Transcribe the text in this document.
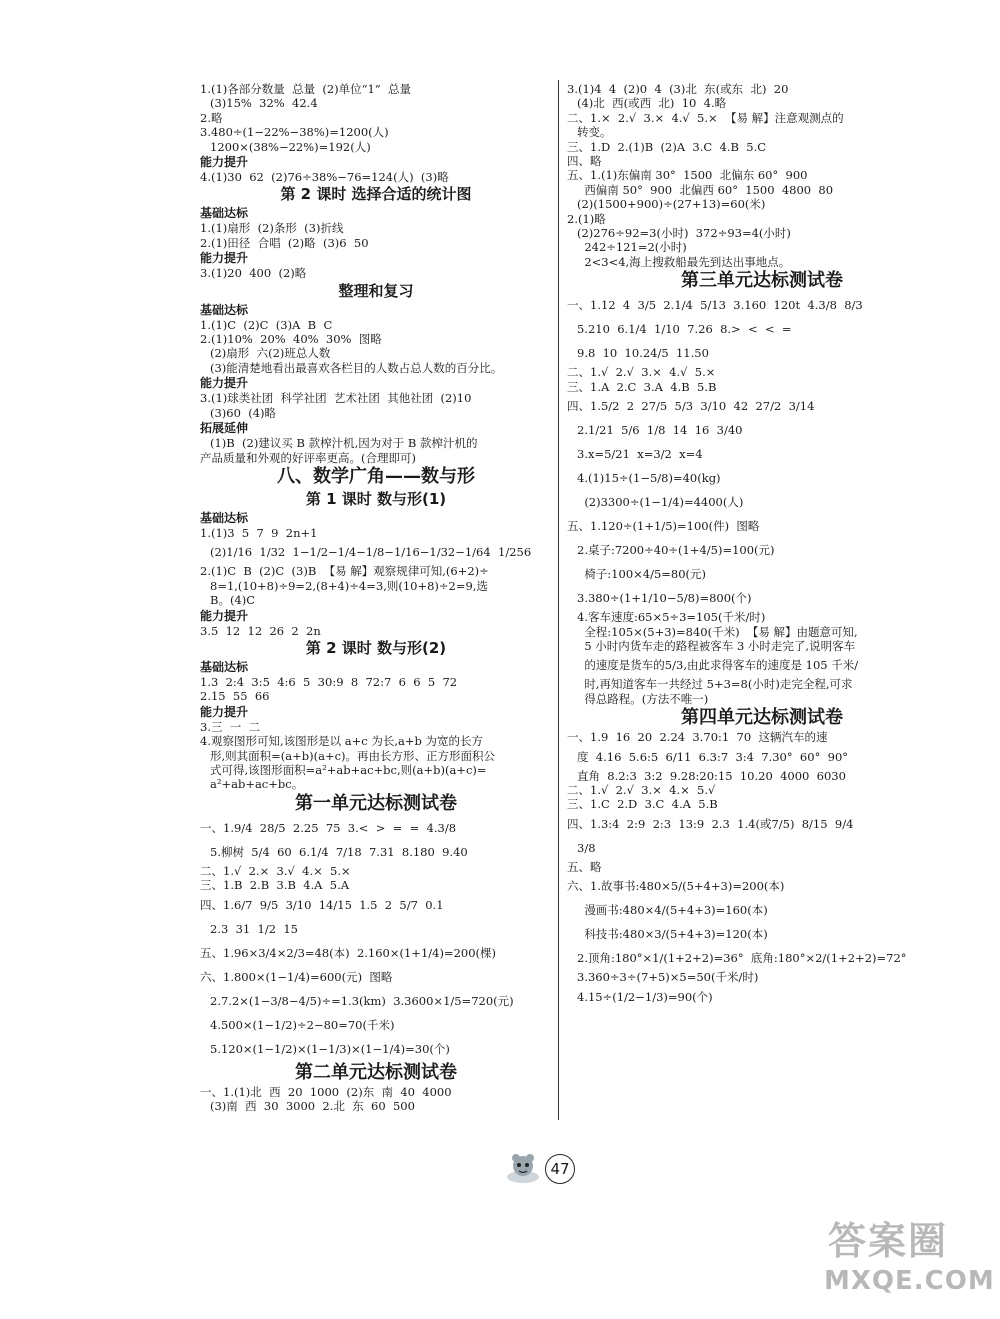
1.(1)各部分数量  总量  (2)单位“1”  总量
(3)15%  32%  42.4
2.略
3.480÷(1−22%−38%)=1200(人)
1200×(38%−22%)=192(人)
能力提升
4.(1)30  62  (2)76÷38%−76=124(人)  (3)略
第 2 课时 选择合适的统计图
基础达标
1.(1)扇形  (2)条形  (3)折线
2.(1)田径  合唱  (2)略  (3)6  50
能力提升
3.(1)20  400  (2)略
整理和复习
基础达标
1.(1)C  (2)C  (3)A  B  C
2.(1)10%  20%  40%  30%  图略
(2)扇形  六(2)班总人数
(3)能清楚地看出最喜欢各栏目的人数占总人数的百分比。
能力提升
3.(1)球类社团  科学社团  艺术社团  其他社团  (2)10
(3)60  (4)略
拓展延伸
(1)B  (2)建议买 B 款榨汁机,因为对于 B 款榨汁机的
产品质量和外观的好评率更高。(合理即可)
八、数学广角——数与形
第 1 课时 数与形(1)
基础达标
1.(1)3  5  7  9  2n+1
(2)1/16  1/32  1−1/2−1/4−1/8−1/16−1/32−1/64  1/256
2.(1)C  B  (2)C  (3)B  【易 解】观察规律可知,(6+2)÷
8=1,(10+8)÷9=2,(8+4)÷4=3,则(10+8)÷2=9,选
B。(4)C
能力提升
3.5  12  12  26  2  2n
第 2 课时 数与形(2)
基础达标
1.3  2:4  3:5  4:6  5  30:9  8  72:7  6  6  5  72
2.15  55  66
能力提升
3.三  一  二
4.观察图形可知,该图形是以 a+c 为长,a+b 为宽的长方
形,则其面积=(a+b)(a+c)。再由长方形、正方形面积公
式可得,该图形面积=a²+ab+ac+bc,则(a+b)(a+c)=
a²+ab+ac+bc。
第一单元达标测试卷
一、1.9/4  28/5  2.25  75  3.<  >  =  =  4.3/8
5.柳树  5/4  60  6.1/4  7/18  7.31  8.180  9.40
二、1.√  2.×  3.√  4.×  5.×
三、1.B  2.B  3.B  4.A  5.A
四、1.6/7  9/5  3/10  14/15  1.5  2  5/7  0.1
2.3  31  1/2  15
五、1.96×3/4×2/3=48(本)  2.160×(1+1/4)=200(棵)
六、1.800×(1−1/4)=600(元)  图略
2.7.2×(1−3/8−4/5)÷=1.3(km)  3.3600×1/5=720(元)
4.500×(1−1/2)÷2−80=70(千米)
5.120×(1−1/2)×(1−1/3)×(1−1/4)=30(个)
第二单元达标测试卷
一、1.(1)北  西  20  1000  (2)东  南  40  4000
(3)南  西  30  3000  2.北  东  60  500
3.(1)4  4  (2)0  4  (3)北  东(或东  北)  20
(4)北  西(或西  北)  10  4.略
二、1.×  2.√  3.×  4.√  5.×  【易 解】注意观测点的
转变。
三、1.D  2.(1)B  (2)A  3.C  4.B  5.C
四、略
五、1.(1)东偏南 30°  1500  北偏东 60°  900
西偏南 50°  900  北偏西 60°  1500  4800  80
(2)(1500+900)÷(27+13)=60(米)
2.(1)略
(2)276÷92=3(小时)  372÷93=4(小时)
242÷121=2(小时)
2<3<4,海上搜救船最先到达出事地点。
第三单元达标测试卷
一、1.12  4  3/5  2.1/4  5/13  3.160  120t  4.3/8  8/3
5.210  6.1/4  1/10  7.26  8.>  <  <  =
9.8  10  10.24/5  11.50
二、1.√  2.√  3.×  4.√  5.×
三、1.A  2.C  3.A  4.B  5.B
四、1.5/2  2  27/5  5/3  3/10  42  27/2  3/14
2.1/21  5/6  1/8  14  16  3/40
3.x=5/21  x=3/2  x=4
4.(1)15÷(1−5/8)=40(kg)
(2)3300÷(1−1/4)=4400(人)
五、1.120÷(1+1/5)=100(件)  图略
2.桌子:7200÷40÷(1+4/5)=100(元)
椅子:100×4/5=80(元)
3.380÷(1+1/10−5/8)=800(个)
4.客车速度:65×5÷3=105(千米/时)
全程:105×(5+3)=840(千米)  【易 解】由题意可知,
5 小时内货车走的路程被客车 3 小时走完了,说明客车
的速度是货车的5/3,由此求得客车的速度是 105 千米/
时,再知道客车一共经过 5+3=8(小时)走完全程,可求
得总路程。(方法不唯一)
第四单元达标测试卷
一、1.9  16  20  2.24  3.70:1  70  这辆汽车的速
度  4.16  5.6:5  6/11  6.3:7  3:4  7.30°  60°  90°
直角  8.2:3  3:2  9.28:20:15  10.20  4000  6030
二、1.√  2.√  3.×  4.×  5.√
三、1.C  2.D  3.C  4.A  5.B
四、1.3:4  2:9  2:3  13:9  2.3  1.4(或7/5)  8/15  9/4
3/8
五、略
六、1.故事书:480×5/(5+4+3)=200(本)
漫画书:480×4/(5+4+3)=160(本)
科技书:480×3/(5+4+3)=120(本)
2.顶角:180°×1/(1+2+2)=36°  底角:180°×2/(1+2+2)=72°
3.360÷3÷(7+5)×5=50(千米/时)
4.15÷(1/2−1/3)=90(个)
47
答案圈
MXQE.COM
